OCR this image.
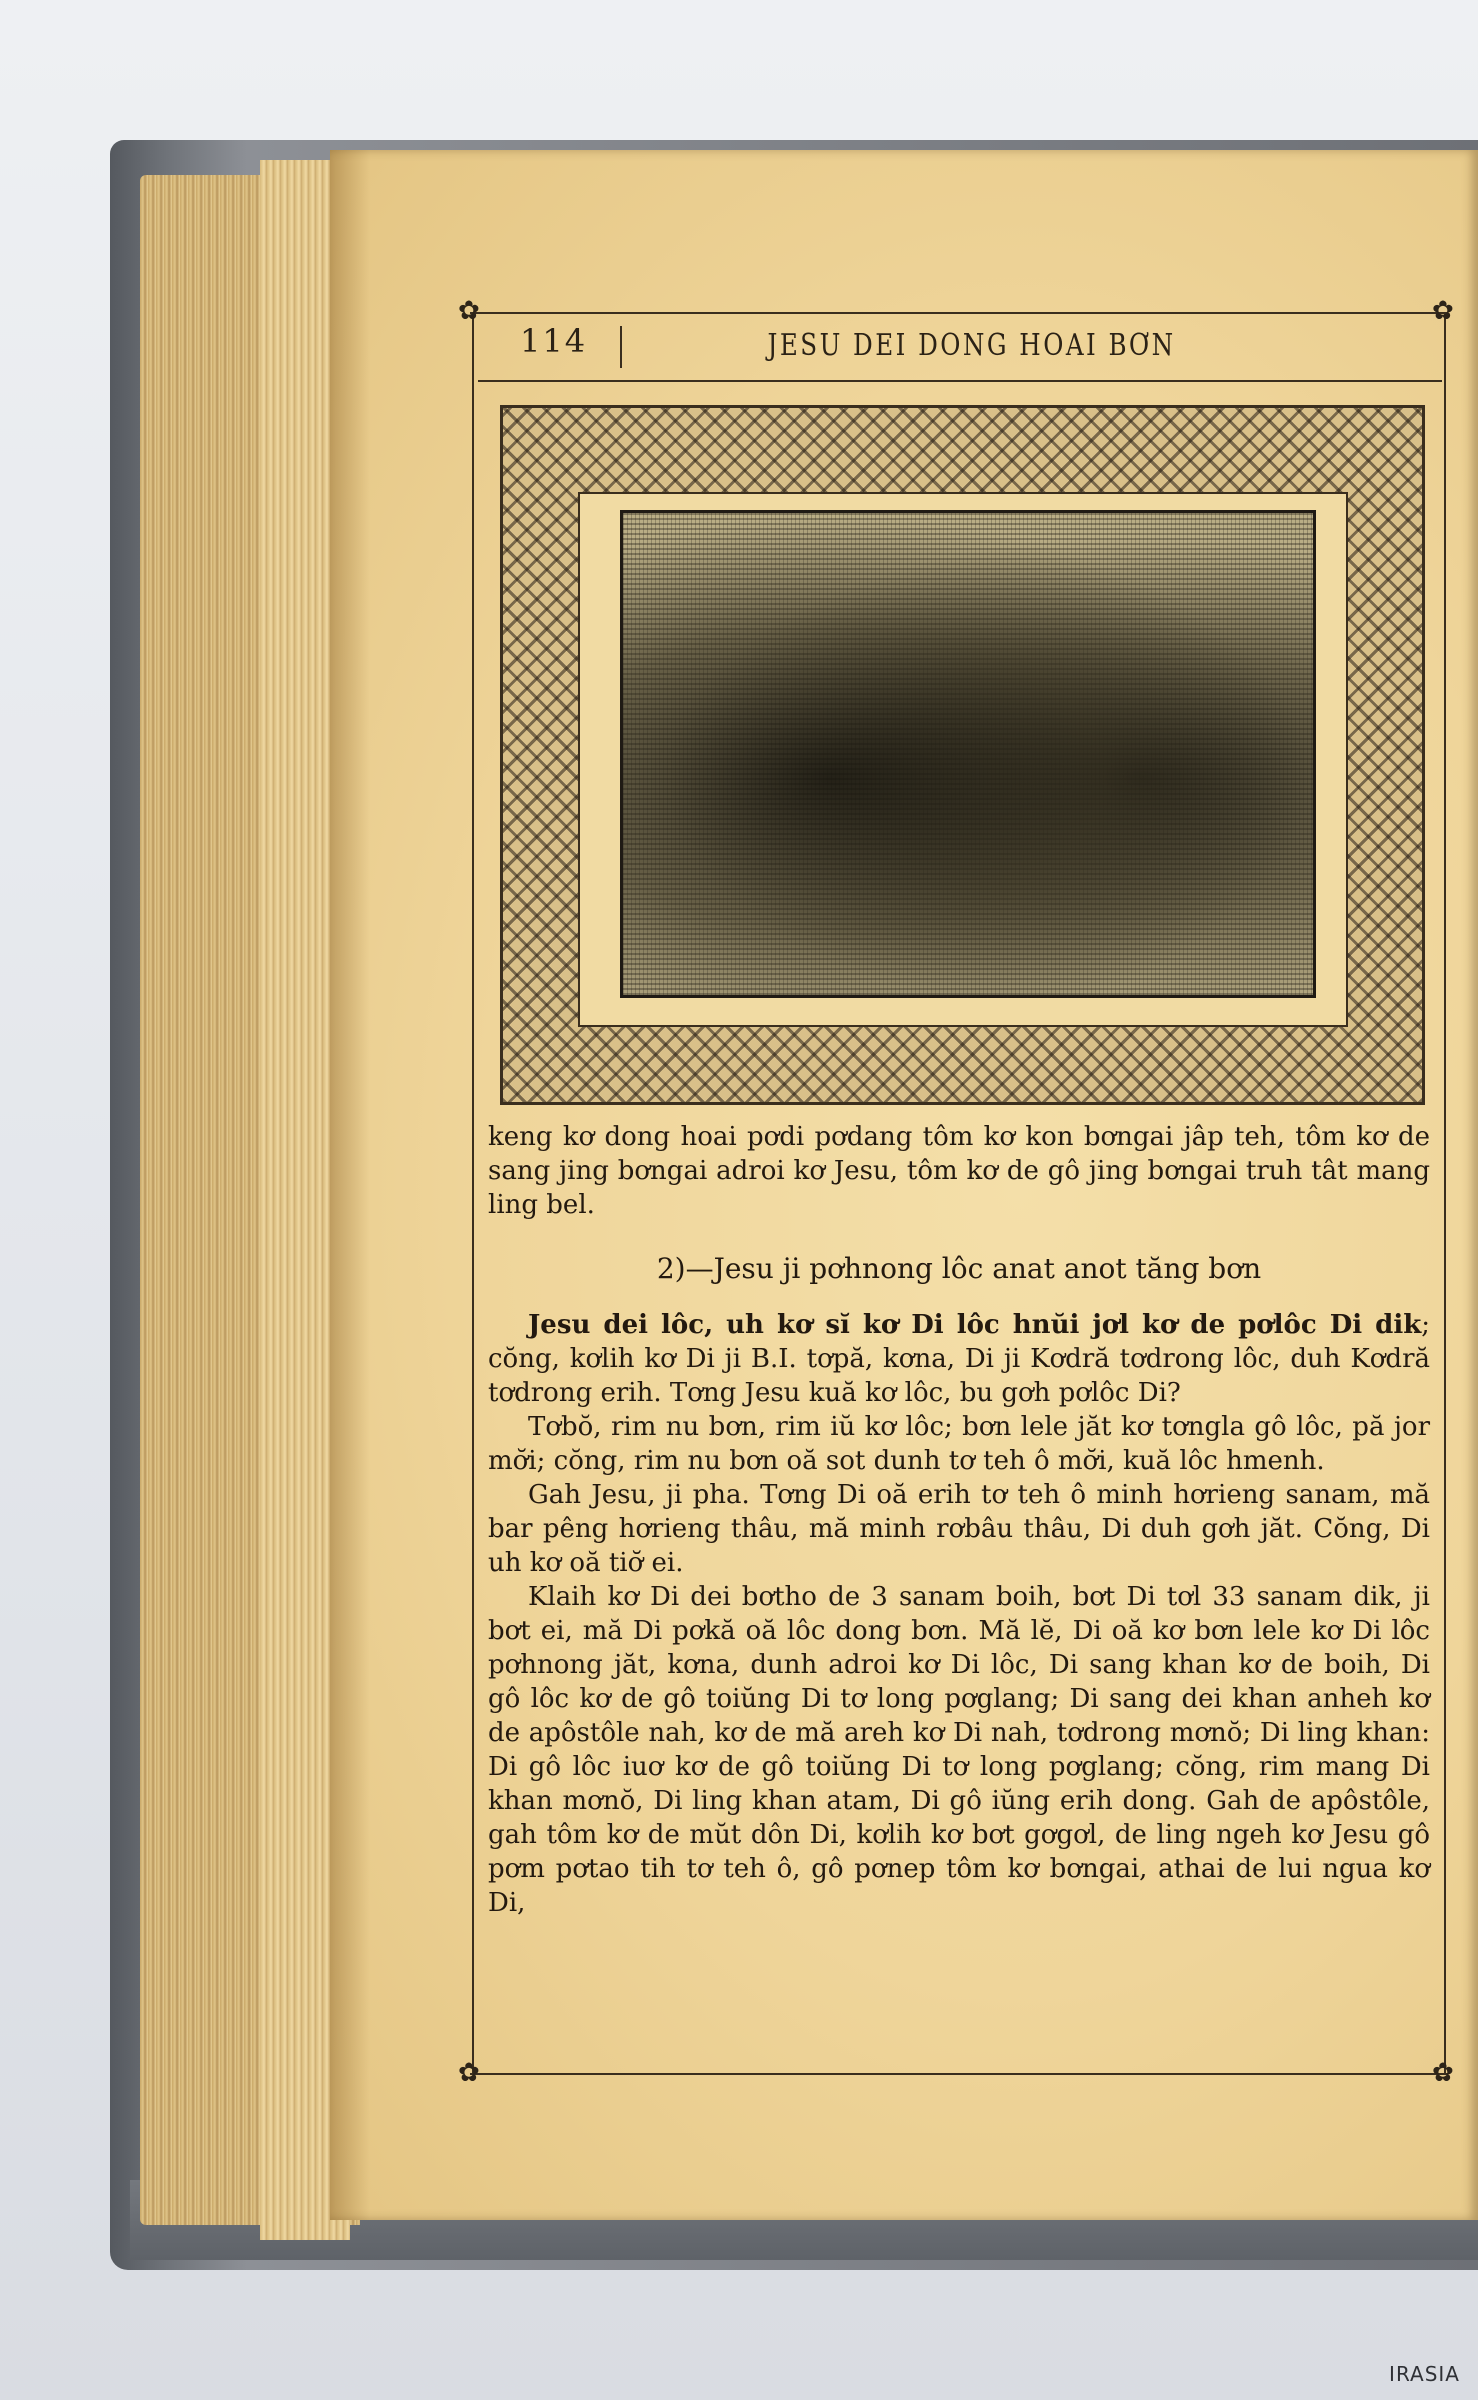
✿	✿
✿	✿
114	JESU DEI DONG HOAI BƠN

keng kơ dong hoai pơdi pơdang tôm kơ kon bơngai jâp teh, tôm kơ de sang jing bơngai adroi kơ Jesu, tôm kơ de gô jing bơngai truh tât mang ling bel.

2)—Jesu ji pơhnong lôc anat anot tăng bơn

Jesu dei lôc, uh kơ sĭ kơ Di lôc hnŭi jơl kơ de pơlôc Di dik; cŏng, kơlih kơ Di ji B.I. tơpă, kơna, Di ji Kơdră tơdrong lôc, duh Kơdră tơdrong erih. Tơng Jesu kuă kơ lôc, bu gơh pơlôc Di?

Tơbŏ, rim nu bơn, rim iŭ kơ lôc; bơn lele jăt kơ tơngla gô lôc, pă jor mơ̆i; cŏng, rim nu bơn oă sot dunh tơ teh ô mơ̆i, kuă lôc hmenh.

Gah Jesu, ji pha. Tơng Di oă erih tơ teh ô minh hơrieng sanam, mă bar pêng hơrieng thâu, mă minh rơbâu thâu, Di duh gơh jăt. Cŏng, Di uh kơ oă tiơ̆ ei.

Klaih kơ Di dei bơtho de 3 sanam boih, bơt Di tơl 33 sanam dik, ji bơt ei, mă Di pơkă oă lôc dong bơn. Mă lĕ, Di oă kơ bơn lele kơ Di lôc pơhnong jăt, kơna, dunh adroi kơ Di lôc, Di sang khan kơ de boih, Di gô lôc kơ de gô toiŭng Di tơ long pơglang; Di sang dei khan anheh kơ de apôstôle nah, kơ de mă areh kơ Di nah, tơdrong mơnŏ; Di ling khan: Di gô lôc iuơ kơ de gô toiŭng Di tơ long pơglang; cŏng, rim mang Di khan mơnŏ, Di ling khan atam, Di gô iŭng erih dong. Gah de apôstôle, gah tôm kơ de mŭt dôn Di, kơlih kơ bơt gơgơl, de ling ngeh kơ Jesu gô pơm pơtao tih tơ teh ô, gô pơnep tôm kơ bơngai, athai de lui ngua kơ Di,

IRASIA
